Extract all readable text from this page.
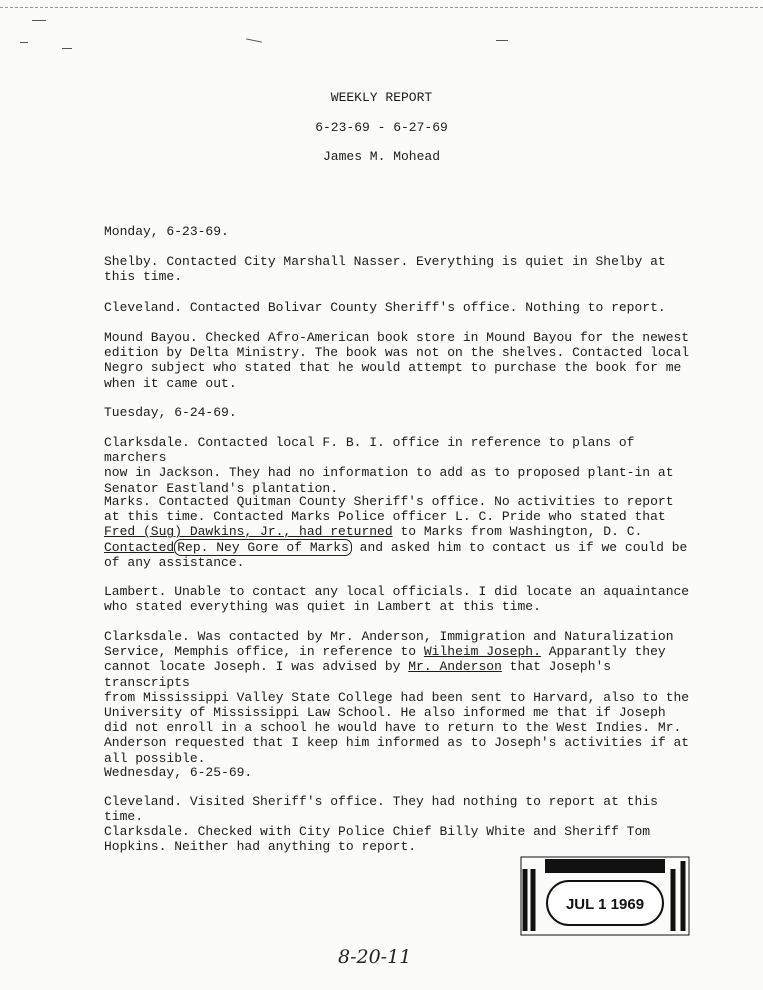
WEEKLY REPORT
6-23-69 - 6-27-69
James M. Mohead

Monday, 6-23-69.

Shelby. Contacted City Marshall Nasser. Everything is quiet in Shelby at
this time.

Cleveland. Contacted Bolivar County Sheriff's office. Nothing to report.

Mound Bayou. Checked Afro-American book store in Mound Bayou for the newest
edition by Delta Ministry. The book was not on the shelves. Contacted local
Negro subject who stated that he would attempt to purchase the book for me
when it came out.

Tuesday, 6-24-69.

Clarksdale. Contacted local F. B. I. office in reference to plans of marchers
now in Jackson. They had no information to add as to proposed plant-in at
Senator Eastland's plantation.

Marks. Contacted Quitman County Sheriff's office. No activities to report
at this time. Contacted Marks Police officer L. C. Pride who stated that
Fred (Sug) Dawkins, Jr., had returned to Marks from Washington, D. C.
Contacted Rep. Ney Gore of Marks and asked him to contact us if we could be
of any assistance.

Lambert. Unable to contact any local officials. I did locate an aquaintance
who stated everything was quiet in Lambert at this time.

Clarksdale. Was contacted by Mr. Anderson, Immigration and Naturalization
Service, Memphis office, in reference to Wilheim Joseph. Apparantly they
cannot locate Joseph. I was advised by Mr. Anderson that Joseph's transcripts
from Mississippi Valley State College had been sent to Harvard, also to the
University of Mississippi Law School. He also informed me that if Joseph
did not enroll in a school he would have to return to the West Indies. Mr.
Anderson requested that I keep him informed as to Joseph's activities if at
all possible.

Wednesday, 6-25-69.

Cleveland. Visited Sheriff's office. They had nothing to report at this time.

Clarksdale. Checked with City Police Chief Billy White and Sheriff Tom
Hopkins. Neither had anything to report.

JUL 1 1969
8-20-11
